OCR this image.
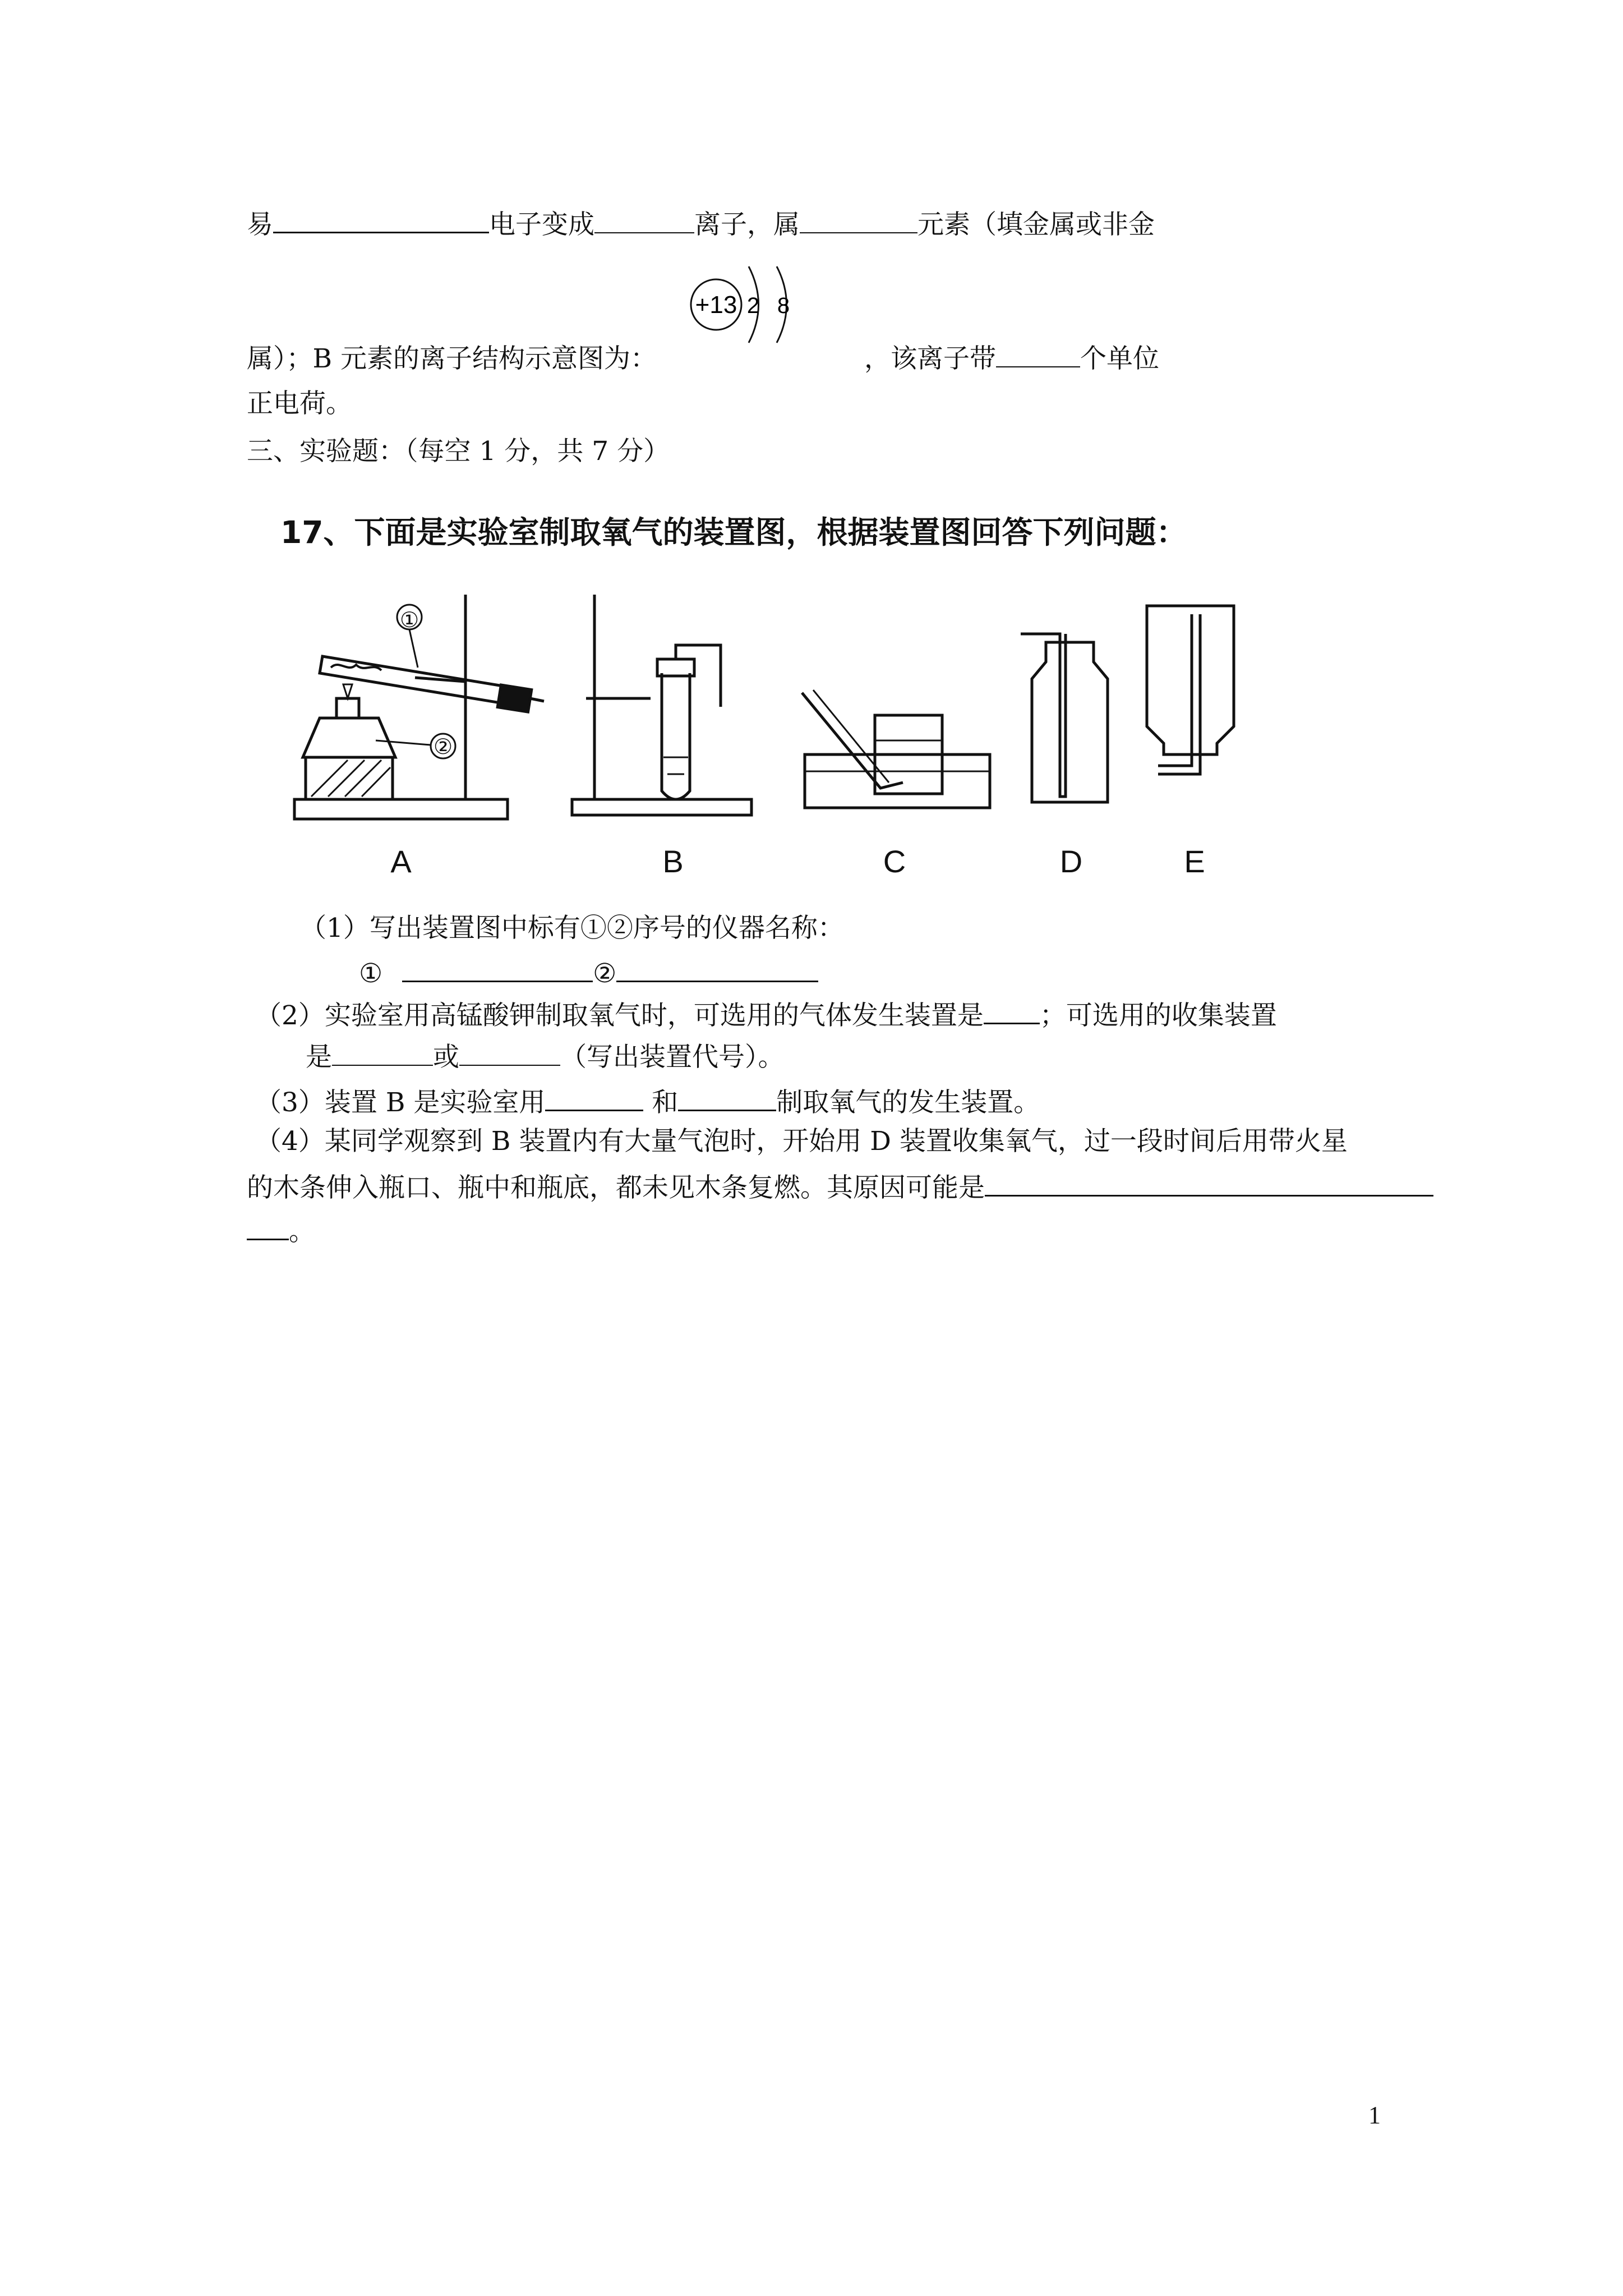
易	电子变成	离子，属	元素（填金属或非金
+13 2 8
属）；B 元素的离子结构示意图为：	，该离子带	个单位
正电荷。
三、实验题：（每空 1 分，共 7 分）
17、下面是实验室制取氧气的装置图，根据装置图回答下列问题：
①
②
A	B	C	D	E
（1）写出装置图中标有①②序号的仪器名称：
①	②
（2）实验室用高锰酸钾制取氧气时，可选用的气体发生装置是 ；可选用的收集装置
是	或	（写出装置代号）。
（3）装置 B 是实验室用	和	制取氧气的发生装置。
（4）某同学观察到 B 装置内有大量气泡时，开始用 D 装置收集氧气，过一段时间后用带火星
的木条伸入瓶口、瓶中和瓶底，都未见木条复燃。其原因可能是
。
1
